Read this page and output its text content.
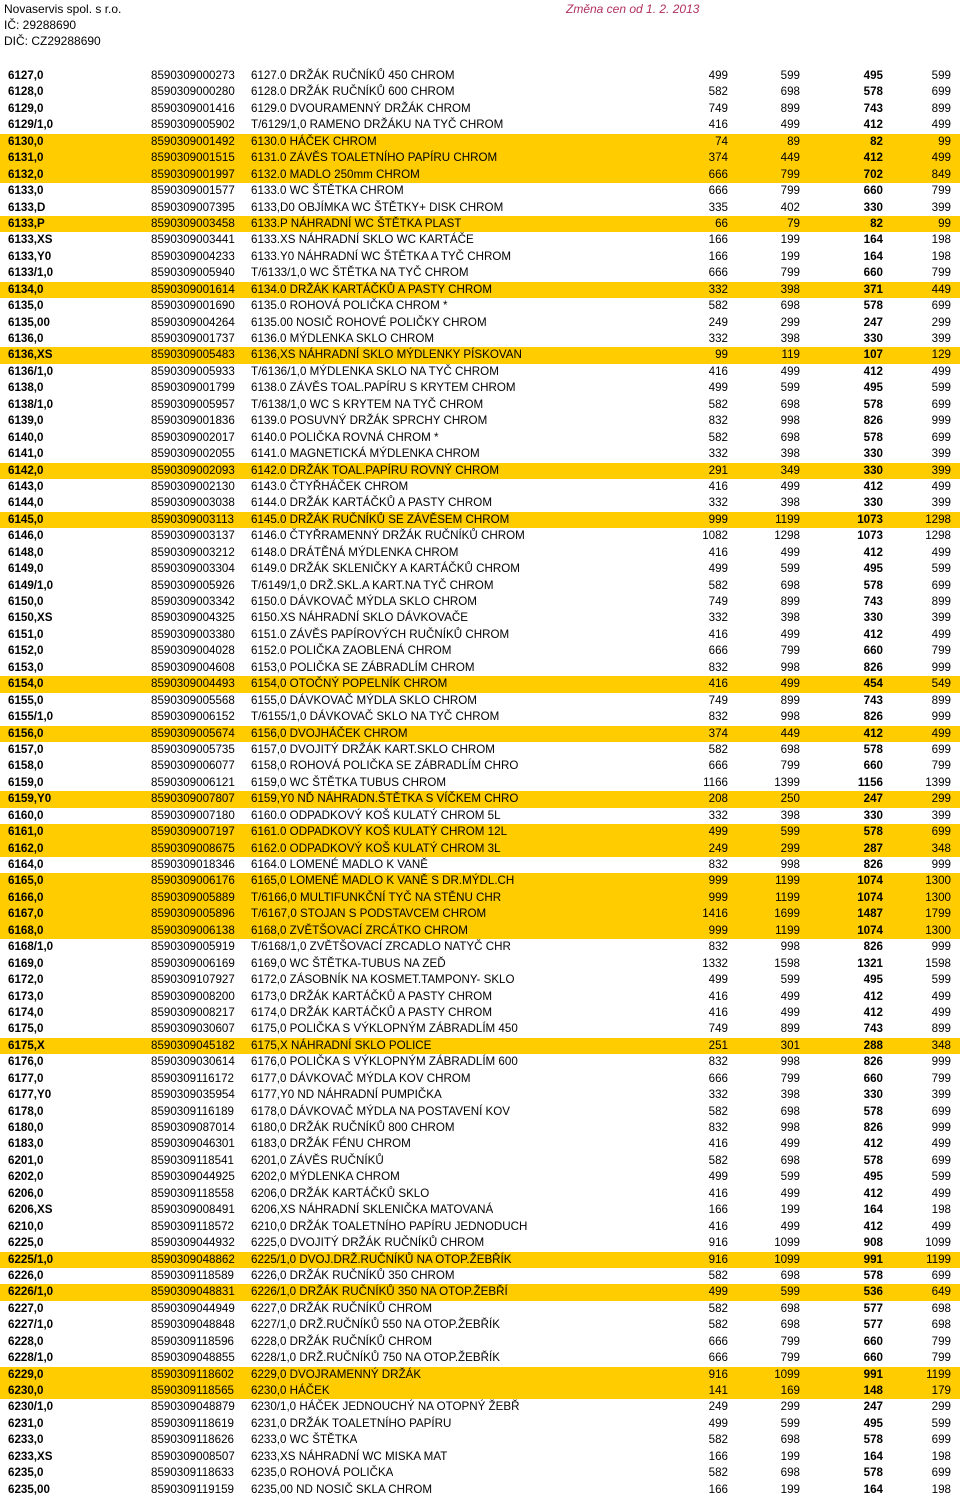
Novaservis spol. s r.o.
IČ: 29288690
DIČ: CZ29288690
Změna cen od 1. 2. 2013
6127,0	8590309000273 6127.0 DRŽÁK RUČNÍKŮ 450 CHROM	499	599	495	599
6128,0	8590309000280 6128.0 DRŽÁK RUČNÍKŮ 600 CHROM	582	698	578	699
6129,0	8590309001416 6129.0 DVOURAMENNÝ DRŽÁK CHROM	749	899	743	899
6129/1,0	8590309005902 T/6129/1,0 RAMENO DRŽÁKU NA TYČ CHROM	416	499	412	499
6130,0	8590309001492 6130.0 HÁČEK CHROM	74	89	82	99
6131,0	8590309001515 6131.0 ZÁVĚS TOALETNÍHO PAPÍRU CHROM	374	449	412	499
6132,0	8590309001997 6132.0 MADLO 250mm CHROM	666	799	702	849
6133,0	8590309001577 6133.0 WC ŠTĚTKA CHROM	666	799	660	799
6133,D	8590309007395 6133,D0 OBJÍMKA WC ŠTĚTKY+ DISK CHROM	335	402	330	399
6133,P	8590309003458 6133.P NÁHRADNÍ WC ŠTĚTKA PLAST	66	79	82	99
6133,XS	8590309003441 6133.XS NÁHRADNÍ SKLO WC KARTÁČE	166	199	164	198
6133,Y0	8590309004233 6133.Y0 NÁHRADNÍ WC ŠTĚTKA A TYČ CHROM	166	199	164	198
6133/1,0	8590309005940 T/6133/1,0 WC ŠTĚTKA NA TYČ CHROM	666	799	660	799
6134,0	8590309001614 6134.0 DRŽÁK KARTÁČKŮ A PASTY CHROM	332	398	371	449
6135,0	8590309001690 6135.0 ROHOVÁ POLIČKA CHROM *	582	698	578	699
6135,00	8590309004264 6135.00 NOSIČ ROHOVÉ POLIČKY CHROM	249	299	247	299
6136,0	8590309001737 6136.0 MÝDLENKA SKLO CHROM	332	398	330	399
6136,XS	8590309005483 6136,XS NÁHRADNÍ SKLO MÝDLENKY PÍSKOVAN	99	119	107	129
6136/1,0	8590309005933 T/6136/1,0 MÝDLENKA SKLO NA TYČ CHROM	416	499	412	499
6138,0	8590309001799 6138.0 ZÁVĚS TOAL.PAPÍRU S KRYTEM CHROM	499	599	495	599
6138/1,0	8590309005957 T/6138/1,0 WC S KRYTEM NA TYČ CHROM	582	698	578	699
6139,0	8590309001836 6139.0 POSUVNÝ DRŽÁK SPRCHY CHROM	832	998	826	999
6140,0	8590309002017 6140.0 POLIČKA ROVNÁ CHROM *	582	698	578	699
6141,0	8590309002055 6141.0 MAGNETICKÁ MÝDLENKA CHROM	332	398	330	399
6142,0	8590309002093 6142.0 DRŽÁK TOAL.PAPÍRU ROVNÝ CHROM	291	349	330	399
6143,0	8590309002130 6143.0 ČTYŘHÁČEK CHROM	416	499	412	499
6144,0	8590309003038 6144.0 DRŽÁK KARTÁČKŮ A PASTY CHROM	332	398	330	399
6145,0	8590309003113 6145.0 DRŽÁK RUČNÍKŮ SE ZÁVĚSEM CHROM	999	1199	1073	1298
6146,0	8590309003137 6146.0 ČTYŘRAMENNÝ DRŽÁK RUČNÍKŮ CHROM	1082	1298	1073	1298
6148,0	8590309003212 6148.0 DRÁTĚNÁ MÝDLENKA CHROM	416	499	412	499
6149,0	8590309003304 6149.0 DRŽÁK SKLENIČKY A KARTÁČKŮ CHROM	499	599	495	599
6149/1,0	8590309005926 T/6149/1,0 DRŽ.SKL.A KART.NA TYČ CHROM	582	698	578	699
6150,0	8590309003342 6150.0 DÁVKOVAČ MÝDLA SKLO CHROM	749	899	743	899
6150,XS	8590309004325 6150.XS NÁHRADNÍ SKLO DÁVKOVAČE	332	398	330	399
6151,0	8590309003380 6151.0 ZÁVĚS PAPÍROVÝCH RUČNÍKŮ CHROM	416	499	412	499
6152,0	8590309004028 6152.0 POLIČKA ZAOBLENÁ CHROM	666	799	660	799
6153,0	8590309004608 6153,0 POLIČKA SE ZÁBRADLÍM CHROM	832	998	826	999
6154,0	8590309004493 6154,0 OTOČNÝ POPELNÍK CHROM	416	499	454	549
6155,0	8590309005568 6155,0 DÁVKOVAČ MÝDLA SKLO CHROM	749	899	743	899
6155/1,0	8590309006152 T/6155/1,0 DÁVKOVAČ SKLO NA TYČ CHROM	832	998	826	999
6156,0	8590309005674 6156,0 DVOJHÁČEK CHROM	374	449	412	499
6157,0	8590309005735 6157,0 DVOJITÝ DRŽÁK KART.SKLO CHROM	582	698	578	699
6158,0	8590309006077 6158,0 ROHOVÁ POLIČKA SE ZÁBRADLÍM CHRO	666	799	660	799
6159,0	8590309006121 6159,0 WC ŠTĚTKA TUBUS CHROM	1166	1399	1156	1399
6159,Y0	8590309007807 6159,Y0 NĎ NÁHRADN.ŠTĚTKA S VÍČKEM CHRO	208	250	247	299
6160,0	8590309007180 6160.0 ODPADKOVÝ KOŠ KULATÝ CHROM 5L	332	398	330	399
6161,0	8590309007197 6161.0 ODPADKOVÝ KOŠ KULATÝ CHROM 12L	499	599	578	699
6162,0	8590309008675 6162.0 ODPADKOVÝ KOŠ KULATÝ CHROM 3L	249	299	287	348
6164,0	8590309018346 6164.0 LOMENÉ MADLO K VANĚ	832	998	826	999
6165,0	8590309006176 6165,0 LOMENÉ MADLO K VANĚ S DR.MÝDL.CH	999	1199	1074	1300
6166,0	8590309005889 T/6166,0 MULTIFUNKČNÍ TYČ NA STĚNU CHR	999	1199	1074	1300
6167,0	8590309005896 T/6167,0 STOJAN S PODSTAVCEM CHROM	1416	1699	1487	1799
6168,0	8590309006138 6168,0 ZVĚTŠOVACÍ ZRCÁTKO CHROM	999	1199	1074	1300
6168/1,0	8590309005919 T/6168/1,0 ZVĚTŠOVACÍ ZRCADLO NATYČ CHR	832	998	826	999
6169,0	8590309006169 6169,0 WC ŠTĚTKA-TUBUS NA ZEĎ	1332	1598	1321	1598
6172,0	8590309107927 6172,0 ZÁSOBNÍK NA KOSMET.TAMPONY- SKLO	499	599	495	599
6173,0	8590309008200 6173,0 DRŽÁK KARTÁČKŮ A PASTY CHROM	416	499	412	499
6174,0	8590309008217 6174,0 DRŽÁK KARTÁČKŮ A PASTY CHROM	416	499	412	499
6175,0	8590309030607 6175,0 POLIČKA S VÝKLOPNÝM ZÁBRADLÍM 450	749	899	743	899
6175,X	8590309045182 6175,X NÁHRADNÍ SKLO POLICE	251	301	288	348
6176,0	8590309030614 6176,0 POLIČKA S VÝKLOPNÝM ZÁBRADLÍM 600	832	998	826	999
6177,0	8590309116172 6177,0 DÁVKOVAČ MÝDLA KOV CHROM	666	799	660	799
6177,Y0	8590309035954 6177,Y0 ND NÁHRADNÍ PUMPIČKA	332	398	330	399
6178,0	8590309116189 6178,0 DÁVKOVAČ MÝDLA NA POSTAVENÍ KOV	582	698	578	699
6180,0	8590309087014 6180,0 DRŽÁK RUČNÍKŮ 800 CHROM	832	998	826	999
6183,0	8590309046301 6183,0 DRŽÁK FÉNU CHROM	416	499	412	499
6201,0	8590309118541 6201,0 ZÁVĚS RUČNÍKŮ	582	698	578	699
6202,0	8590309044925 6202,0 MÝDLENKA CHROM	499	599	495	599
6206,0	8590309118558 6206,0 DRŽÁK KARTÁČKŮ SKLO	416	499	412	499
6206,XS	8590309008491 6206,XS NÁHRADNÍ SKLENIČKA MATOVANÁ	166	199	164	198
6210,0	8590309118572 6210,0 DRŽÁK TOALETNÍHO PAPÍRU JEDNODUCH	416	499	412	499
6225,0	8590309044932 6225,0 DVOJITÝ DRŽÁK RUČNÍKŮ CHROM	916	1099	908	1099
6225/1,0	8590309048862 6225/1,0 DVOJ.DRŽ.RUČNÍKŮ NA OTOP.ŽEBŘÍK	916	1099	991	1199
6226,0	8590309118589 6226,0 DRŽÁK RUČNÍKŮ 350 CHROM	582	698	578	699
6226/1,0	8590309048831 6226/1,0 DRŽÁK RUČNÍKŮ 350 NA OTOP.ŽEBŘÍ	499	599	536	649
6227,0	8590309044949 6227,0 DRŽÁK RUČNÍKŮ CHROM	582	698	577	698
6227/1,0	8590309048848 6227/1,0 DRŽ.RUČNÍKŮ 550 NA OTOP.ŽEBŘÍK	582	698	577	698
6228,0	8590309118596 6228,0 DRŽÁK RUČNÍKŮ CHROM	666	799	660	799
6228/1,0	8590309048855 6228/1,0 DRŽ.RUČNÍKŮ 750 NA OTOP.ŽEBŘÍK	666	799	660	799
6229,0	8590309118602 6229,0 DVOJRAMENNÝ DRŽÁK	916	1099	991	1199
6230,0	8590309118565 6230,0 HÁČEK	141	169	148	179
6230/1,0	8590309048879 6230/1,0 HÁČEK JEDNOUCHÝ NA OTOPNÝ ŽEBŘ	249	299	247	299
6231,0	8590309118619 6231,0 DRŽÁK TOALETNÍHO PAPÍRU	499	599	495	599
6233,0	8590309118626 6233,0 WC ŠTĚTKA	582	698	578	699
6233,XS	8590309008507 6233,XS NÁHRADNÍ WC MISKA MAT	166	199	164	198
6235,0	8590309118633 6235,0 ROHOVÁ POLIČKA	582	698	578	699
6235,00	8590309119159 6235,00 ND NOSIČ SKLA CHROM	166	199	164	198
